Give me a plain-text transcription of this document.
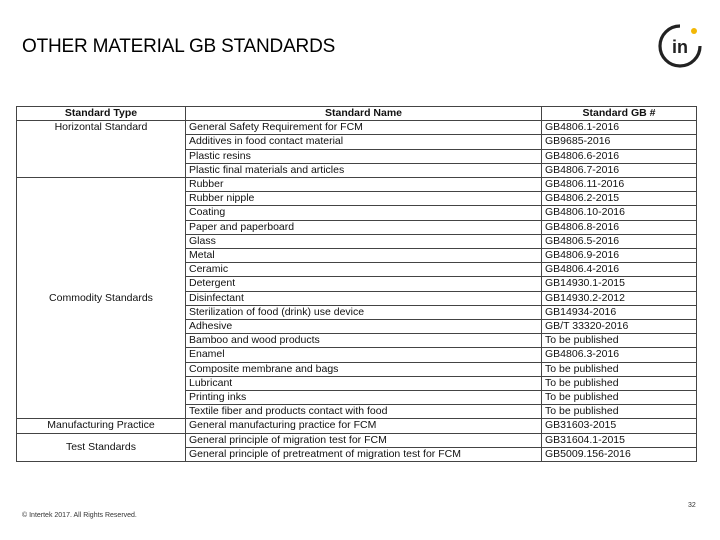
OTHER MATERIAL GB STANDARDS	in
Standard Type	Standard Name	Standard GB #
Horizontal Standard	General Safety Requirement for FCM	GB4806.1-2016
	Additives in food contact material	GB9685-2016
	Plastic resins	GB4806.6-2016
	Plastic final materials and articles	GB4806.7-2016
Commodity Standards	Rubber	GB4806.11-2016
	Rubber nipple	GB4806.2-2015
	Coating	GB4806.10-2016
	Paper and paperboard	GB4806.8-2016
	Glass	GB4806.5-2016
	Metal	GB4806.9-2016
	Ceramic	GB4806.4-2016
	Detergent	GB14930.1-2015
	Disinfectant	GB14930.2-2012
	Sterilization of food (drink) use device	GB14934-2016
	Adhesive	GB/T 33320-2016
	Bamboo and wood products	To be published
	Enamel	GB4806.3-2016
	Composite membrane and bags	To be published
	Lubricant	To be published
	Printing inks	To be published
	Textile fiber and products contact with food	To be published
Manufacturing Practice	General manufacturing practice for FCM	GB31603-2015
Test Standards	General principle of migration test for FCM	GB31604.1-2015
	General principle of pretreatment of migration test for FCM	GB5009.156-2016
© Intertek 2017. All Rights Reserved.
32
